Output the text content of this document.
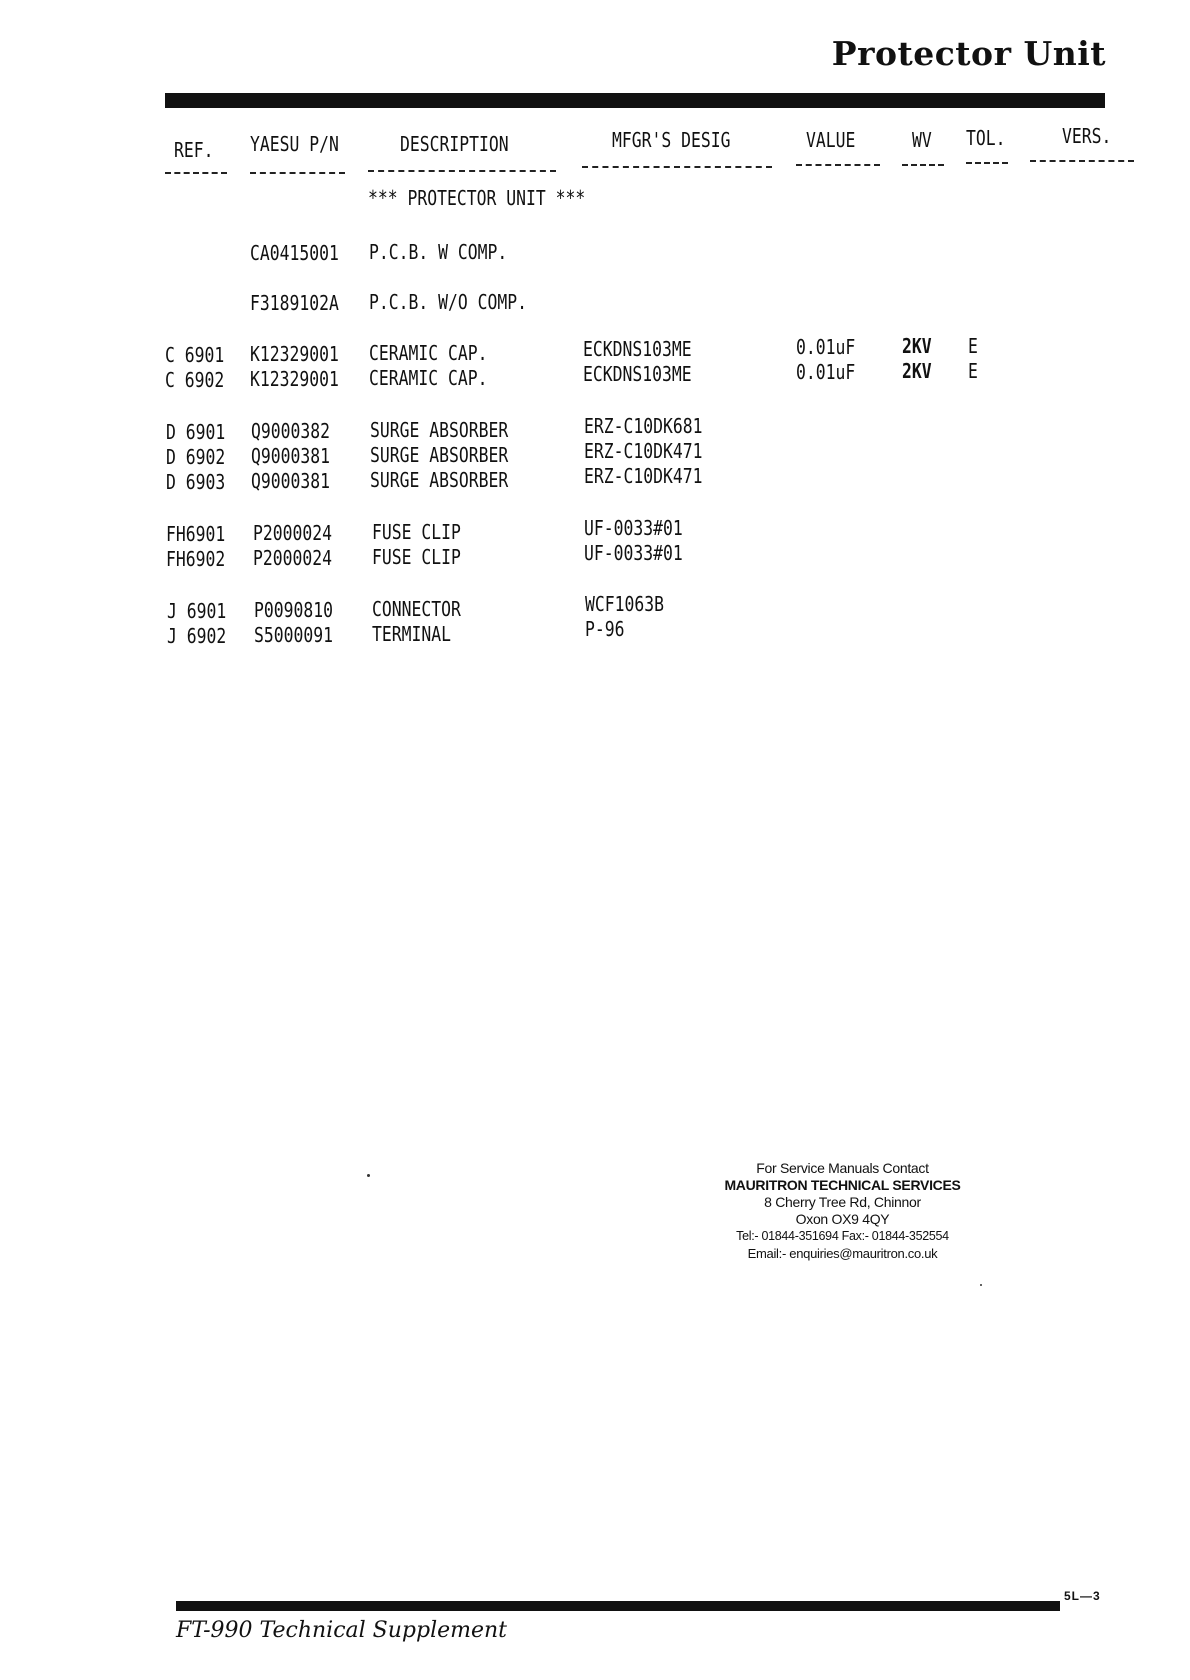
Protector Unit
REF. YAESU P/N	DESCRIPTION	MFGR'S DESIG	VALUE	WV TOL.	VERS.
*** PROTECTOR UNIT ***
CA0415001 P.C.B. W COMP.
F3189102A P.C.B. W/O COMP.
C 6901 K12329001 CERAMIC CAP.	ECKDNS103ME	0.01uF 2KV E
C 6902 K12329001 CERAMIC CAP.	ECKDNS103ME	0.01uF 2KV E
D 6901 Q9000382 SURGE ABSORBER	ERZ-C10DK681
D 6902 Q9000381 SURGE ABSORBER	ERZ-C10DK471
D 6903 Q9000381 SURGE ABSORBER	ERZ-C10DK471
FH6901 P2000024 FUSE CLIP	UF-0033#01
FH6902 P2000024 FUSE CLIP	UF-0033#01
J 6901 P0090810 CONNECTOR	WCF1063B
J 6902 S5000091 TERMINAL	P-96
For Service Manuals Contact
MAURITRON TECHNICAL SERVICES
8 Cherry Tree Rd, Chinnor
Oxon OX9 4QY
Tel:- 01844-351694 Fax:- 01844-352554
Email:- enquiries@mauritron.co.uk
5L—3
FT-990 Technical Supplement
